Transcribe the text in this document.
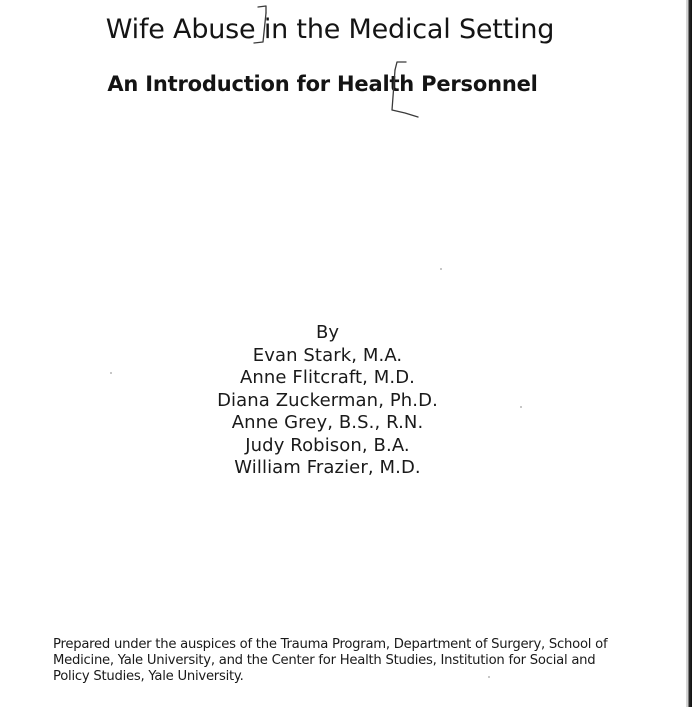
Wife Abuse in the Medical Setting
An Introduction for Health Personnel
By
Evan Stark, M.A.
Anne Flitcraft, M.D.
Diana Zuckerman, Ph.D.
Anne Grey, B.S., R.N.
Judy Robison, B.A.
William Frazier, M.D.

Prepared under the auspices of the Trauma Program, Department of Surgery, School of Medicine, Yale University, and the Center for Health Studies, Institution for Social and Policy Studies, Yale University.
